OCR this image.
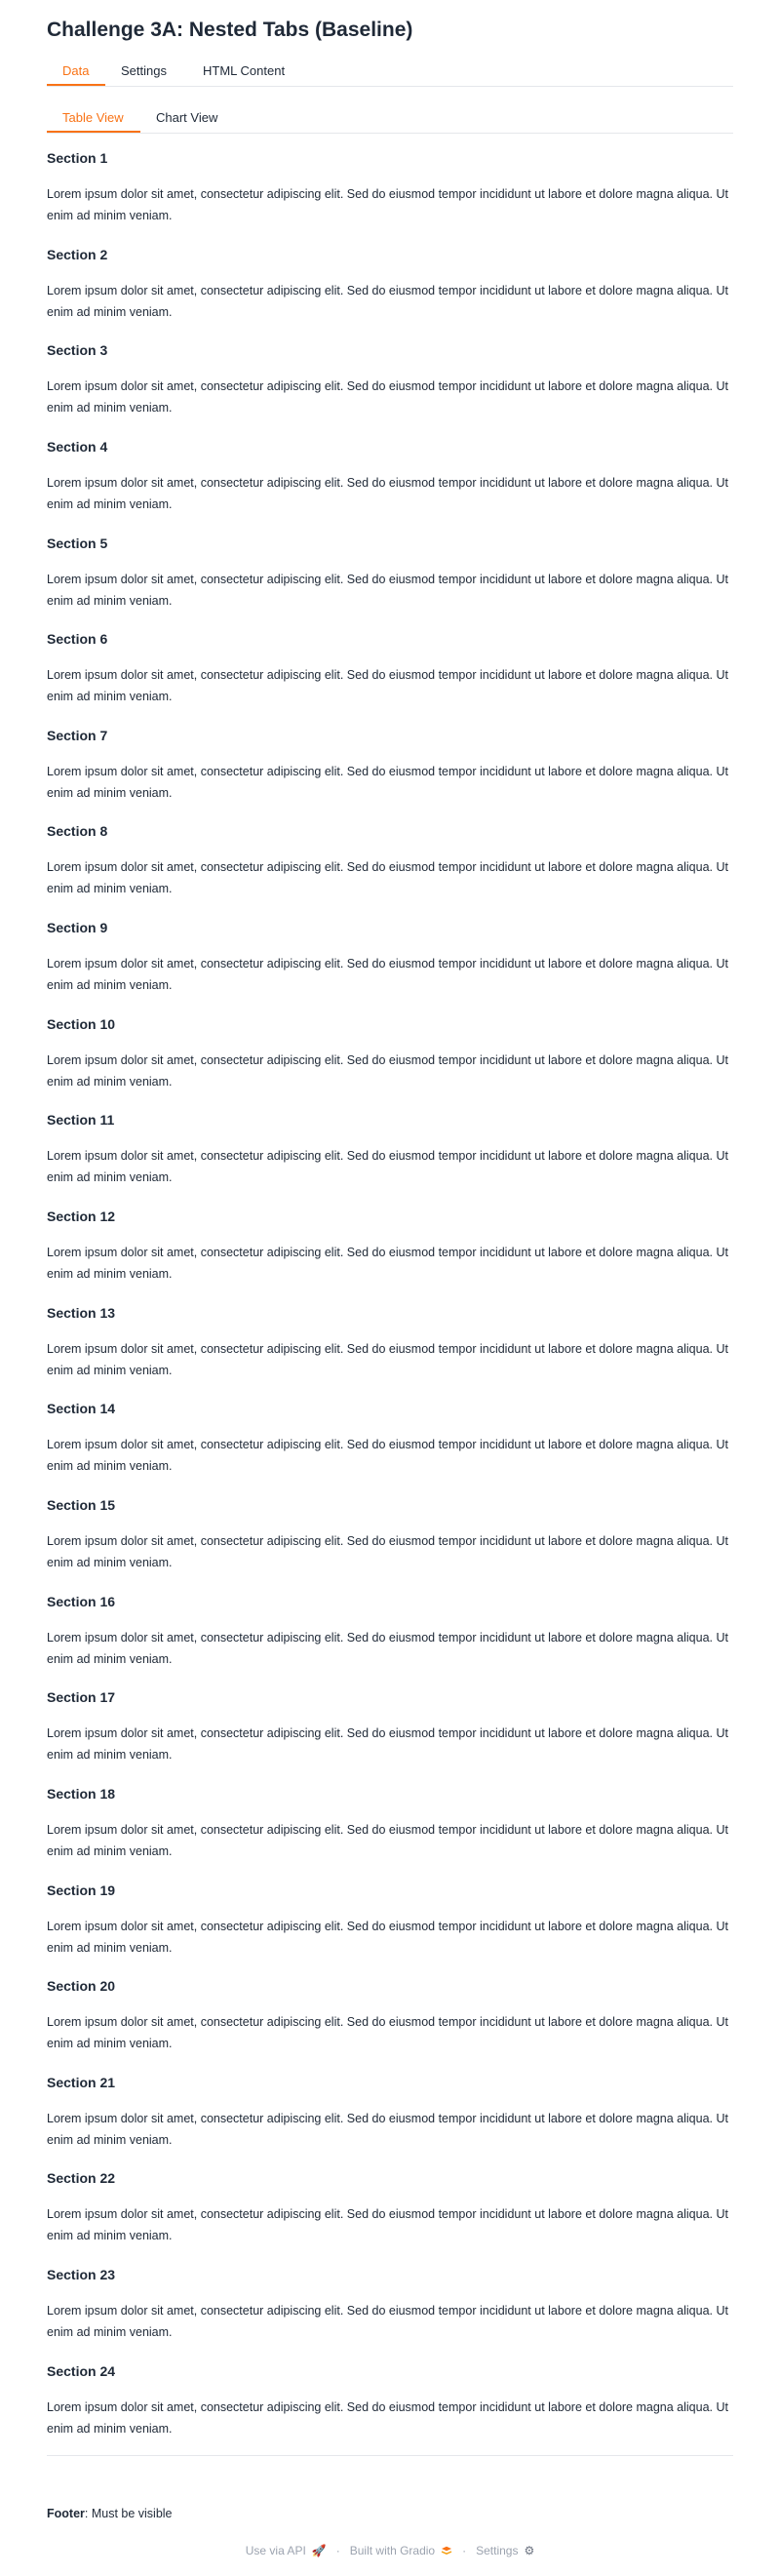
Challenge 3A: Nested Tabs (Baseline)
Data	Settings	HTML Content
Table View	Chart View
Section 1

Lorem ipsum dolor sit amet, consectetur adipiscing elit. Sed do eiusmod tempor incididunt ut labore et dolore magna aliqua. Ut enim ad minim veniam.

Section 2

Lorem ipsum dolor sit amet, consectetur adipiscing elit. Sed do eiusmod tempor incididunt ut labore et dolore magna aliqua. Ut enim ad minim veniam.

Section 3

Lorem ipsum dolor sit amet, consectetur adipiscing elit. Sed do eiusmod tempor incididunt ut labore et dolore magna aliqua. Ut enim ad minim veniam.

Section 4

Lorem ipsum dolor sit amet, consectetur adipiscing elit. Sed do eiusmod tempor incididunt ut labore et dolore magna aliqua. Ut enim ad minim veniam.

Section 5

Lorem ipsum dolor sit amet, consectetur adipiscing elit. Sed do eiusmod tempor incididunt ut labore et dolore magna aliqua. Ut enim ad minim veniam.

Section 6

Lorem ipsum dolor sit amet, consectetur adipiscing elit. Sed do eiusmod tempor incididunt ut labore et dolore magna aliqua. Ut enim ad minim veniam.

Section 7

Lorem ipsum dolor sit amet, consectetur adipiscing elit. Sed do eiusmod tempor incididunt ut labore et dolore magna aliqua. Ut enim ad minim veniam.

Section 8

Lorem ipsum dolor sit amet, consectetur adipiscing elit. Sed do eiusmod tempor incididunt ut labore et dolore magna aliqua. Ut enim ad minim veniam.

Section 9

Lorem ipsum dolor sit amet, consectetur adipiscing elit. Sed do eiusmod tempor incididunt ut labore et dolore magna aliqua. Ut enim ad minim veniam.

Section 10

Lorem ipsum dolor sit amet, consectetur adipiscing elit. Sed do eiusmod tempor incididunt ut labore et dolore magna aliqua. Ut enim ad minim veniam.

Section 11

Lorem ipsum dolor sit amet, consectetur adipiscing elit. Sed do eiusmod tempor incididunt ut labore et dolore magna aliqua. Ut enim ad minim veniam.

Section 12

Lorem ipsum dolor sit amet, consectetur adipiscing elit. Sed do eiusmod tempor incididunt ut labore et dolore magna aliqua. Ut enim ad minim veniam.

Section 13

Lorem ipsum dolor sit amet, consectetur adipiscing elit. Sed do eiusmod tempor incididunt ut labore et dolore magna aliqua. Ut enim ad minim veniam.

Section 14

Lorem ipsum dolor sit amet, consectetur adipiscing elit. Sed do eiusmod tempor incididunt ut labore et dolore magna aliqua. Ut enim ad minim veniam.

Section 15

Lorem ipsum dolor sit amet, consectetur adipiscing elit. Sed do eiusmod tempor incididunt ut labore et dolore magna aliqua. Ut enim ad minim veniam.

Section 16

Lorem ipsum dolor sit amet, consectetur adipiscing elit. Sed do eiusmod tempor incididunt ut labore et dolore magna aliqua. Ut enim ad minim veniam.

Section 17

Lorem ipsum dolor sit amet, consectetur adipiscing elit. Sed do eiusmod tempor incididunt ut labore et dolore magna aliqua. Ut enim ad minim veniam.

Section 18

Lorem ipsum dolor sit amet, consectetur adipiscing elit. Sed do eiusmod tempor incididunt ut labore et dolore magna aliqua. Ut enim ad minim veniam.

Section 19

Lorem ipsum dolor sit amet, consectetur adipiscing elit. Sed do eiusmod tempor incididunt ut labore et dolore magna aliqua. Ut enim ad minim veniam.

Section 20

Lorem ipsum dolor sit amet, consectetur adipiscing elit. Sed do eiusmod tempor incididunt ut labore et dolore magna aliqua. Ut enim ad minim veniam.

Section 21

Lorem ipsum dolor sit amet, consectetur adipiscing elit. Sed do eiusmod tempor incididunt ut labore et dolore magna aliqua. Ut enim ad minim veniam.

Section 22

Lorem ipsum dolor sit amet, consectetur adipiscing elit. Sed do eiusmod tempor incididunt ut labore et dolore magna aliqua. Ut enim ad minim veniam.

Section 23

Lorem ipsum dolor sit amet, consectetur adipiscing elit. Sed do eiusmod tempor incididunt ut labore et dolore magna aliqua. Ut enim ad minim veniam.

Section 24

Lorem ipsum dolor sit amet, consectetur adipiscing elit. Sed do eiusmod tempor incididunt ut labore et dolore magna aliqua. Ut enim ad minim veniam.

Footer: Must be visible
Use via API 🚀 · Built with Gradio · Settings ⚙
